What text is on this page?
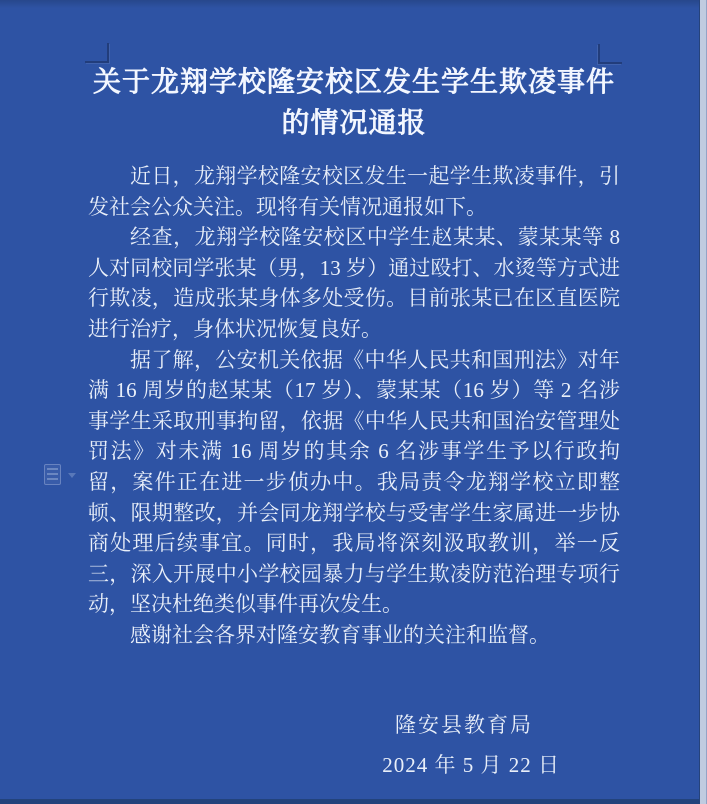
关于龙翔学校隆安校区发生学生欺凌事件
的情况通报

近日，龙翔学校隆安校区发生一起学生欺凌事件，引发社会公众关注。现将有关情况通报如下。

经查，龙翔学校隆安校区中学生赵某某、蒙某某等 8 人对同校同学张某（男，13 岁）通过殴打、水烫等方式进行欺凌，造成张某身体多处受伤。目前张某已在区直医院进行治疗，身体状况恢复良好。

据了解，公安机关依据《中华人民共和国刑法》对年满 16 周岁的赵某某（17 岁）、蒙某某（16 岁）等 2 名涉事学生采取刑事拘留，依据《中华人民共和国治安管理处罚法》对未满 16 周岁的其余 6 名涉事学生予以行政拘留，案件正在进一步侦办中。我局责令龙翔学校立即整顿、限期整改，并会同龙翔学校与受害学生家属进一步协商处理后续事宜。同时，我局将深刻汲取教训，举一反三，深入开展中小学校园暴力与学生欺凌防范治理专项行动，坚决杜绝类似事件再次发生。

感谢社会各界对隆安教育事业的关注和监督。

隆安县教育局
2024 年 5 月 22 日
